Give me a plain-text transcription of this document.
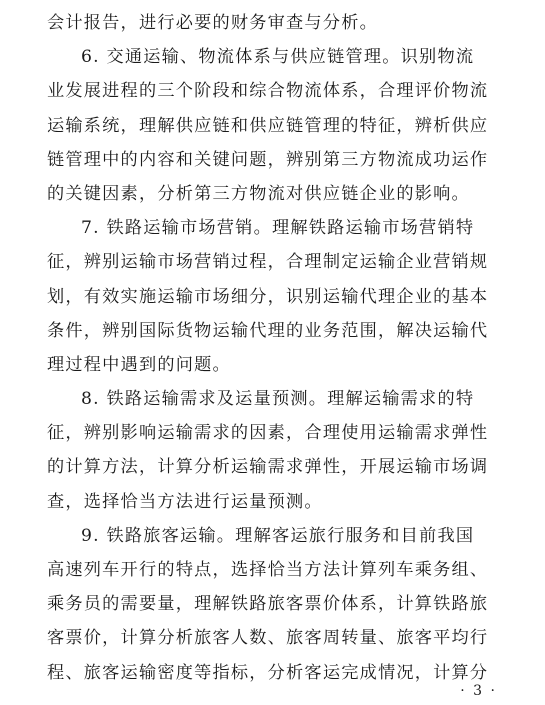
会计报告，进行必要的财务审查与分析。
6. 交通运输、物流体系与供应链管理。识别物流
业发展进程的三个阶段和综合物流体系，合理评价物流
运输系统，理解供应链和供应链管理的特征，辨析供应
链管理中的内容和关键问题，辨别第三方物流成功运作
的关键因素，分析第三方物流对供应链企业的影响。
7. 铁路运输市场营销。理解铁路运输市场营销特
征，辨别运输市场营销过程，合理制定运输企业营销规
划，有效实施运输市场细分，识别运输代理企业的基本
条件，辨别国际货物运输代理的业务范围，解决运输代
理过程中遇到的问题。
8. 铁路运输需求及运量预测。理解运输需求的特
征，辨别影响运输需求的因素，合理使用运输需求弹性
的计算方法，计算分析运输需求弹性，开展运输市场调
查，选择恰当方法进行运量预测。
9. 铁路旅客运输。理解客运旅行服务和目前我国
高速列车开行的特点，选择恰当方法计算列车乘务组、
乘务员的需要量，理解铁路旅客票价体系，计算铁路旅
客票价，计算分析旅客人数、旅客周转量、旅客平均行
程、旅客运输密度等指标，分析客运完成情况，计算分
· 3 ·
